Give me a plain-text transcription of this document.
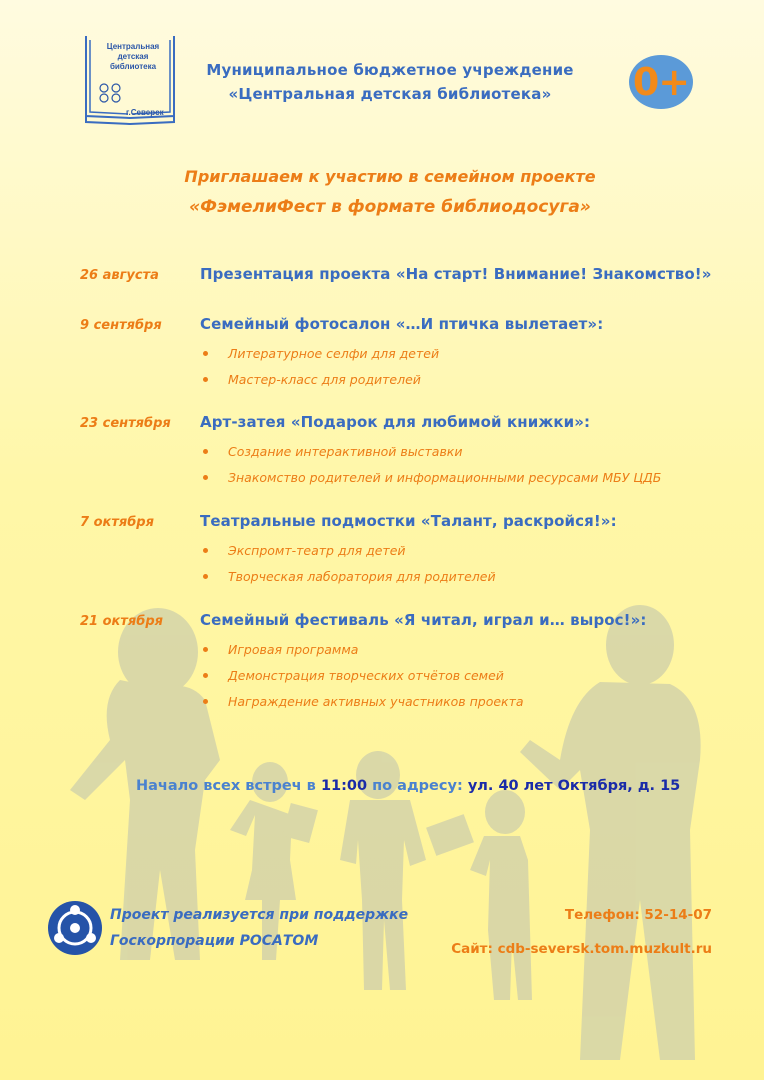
Центральная детская библиотека
г.Северск
Муниципальное бюджетное учреждение
«Центральная детская библиотека»	0+
Приглашаем к участию в семейном проекте
«ФэмелиФест в формате библиодосуга»
26 августа	Презентация проекта «На старт! Внимание! Знакомство!»
9 сентября	Семейный фотосалон «…И птичка вылетает»:
Литературное селфи для детей
Мастер-класс для родителей
23 сентября	Арт-затея «Подарок для любимой книжки»:
Создание интерактивной выставки
Знакомство родителей и информационными ресурсами МБУ ЦДБ
7 октября	Театральные подмостки «Талант, раскройся!»:
Экспромт-театр для детей
Творческая лаборатория для родителей
21 октября	Семейный фестиваль «Я читал, играл и… вырос!»:
Игровая программа
Демонстрация творческих отчётов семей
Награждение активных участников проекта
Начало всех встреч в 11:00 по адресу: ул. 40 лет Октября, д. 15
Проект реализуется при поддержке
Госкорпорации РОСАТОМ
Телефон: 52-14-07
Сайт: cdb-seversk.tom.muzkult.ru
